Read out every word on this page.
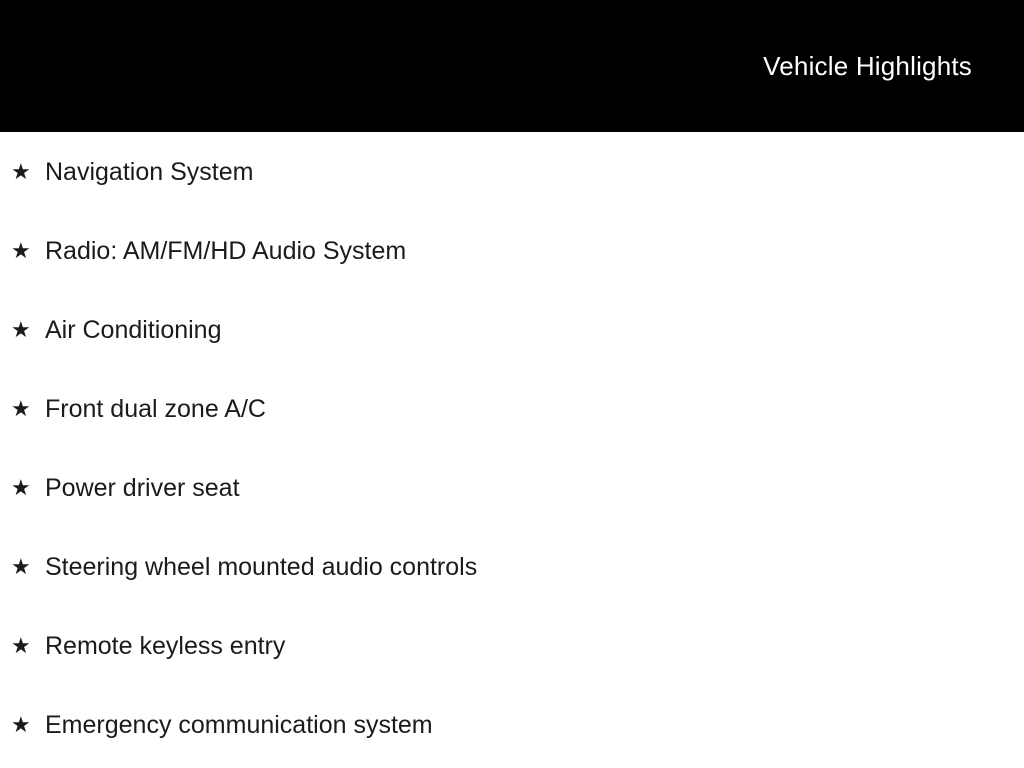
Vehicle Highlights
★ Navigation System
★ Radio: AM/FM/HD Audio System
★ Air Conditioning
★ Front dual zone A/C
★ Power driver seat
★ Steering wheel mounted audio controls
★ Remote keyless entry
★ Emergency communication system
